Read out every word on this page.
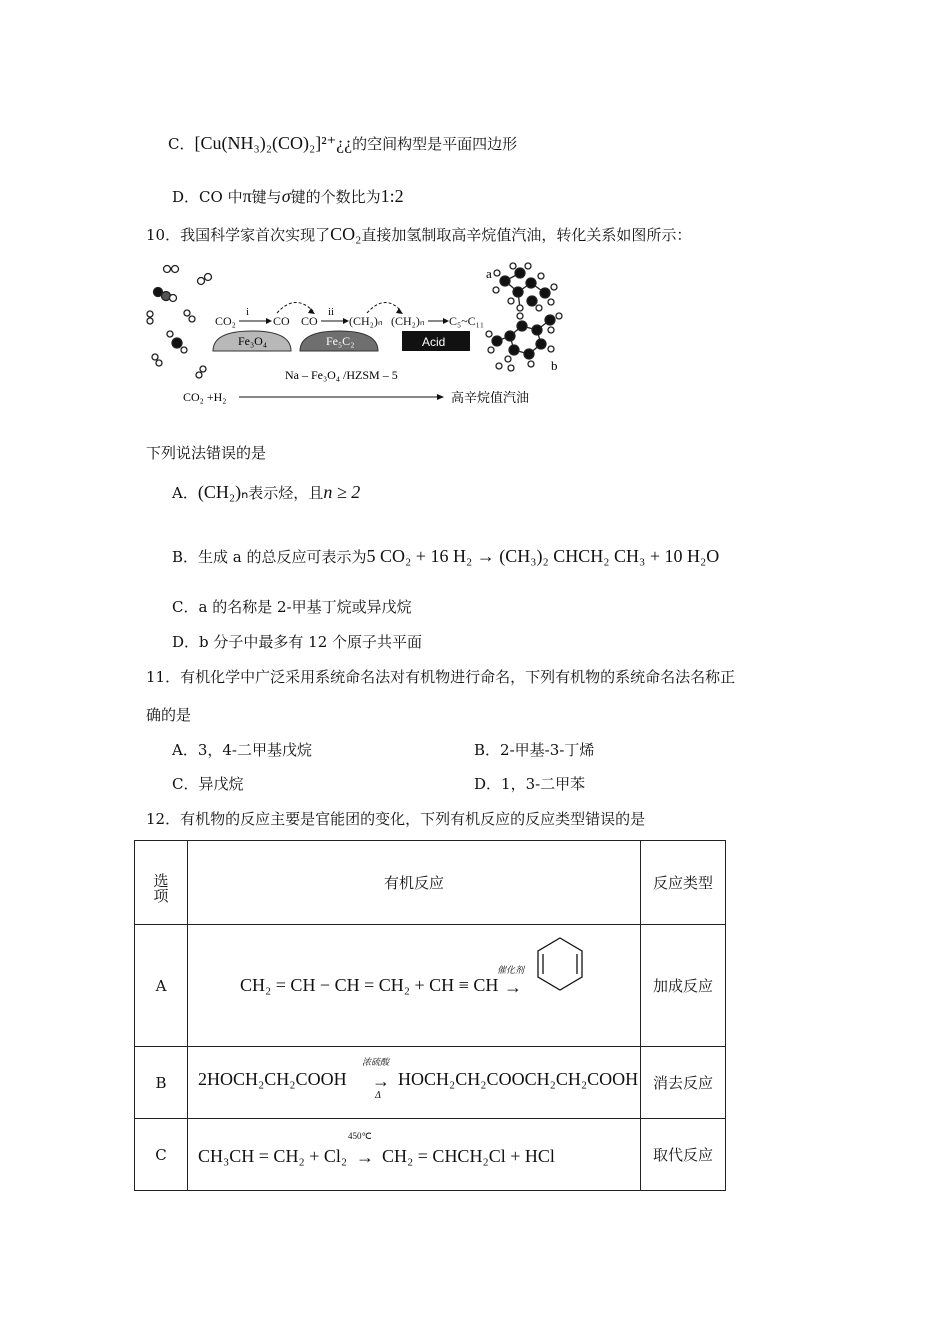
C．[Cu(NH₃)₂(CO)₂]²⁺¿¿的空间构型是平面四边形
D．CO 中π键与σ键的个数比为1:2
10．我国科学家首次实现了CO₂直接加氢制取高辛烷值汽油，转化关系如图所示：
a
b
i	ii
CO₂	CO CO	(CH₂)ₙ (CH₂)ₙ C₅~C₁₁
Fe₃O₄	Fe₅C₂	Acid
Na – Fe₃O₄ /HZSM – 5
CO₂ +H₂	高辛烷值汽油
下列说法错误的是
A．(CH₂)ₙ表示烃，且n ≥ 2
B．生成 a 的总反应可表示为5 CO₂ + 16 H₂ → (CH₃)₂ CHCH₂ CH₃ + 10 H₂O
C．a 的名称是 2-甲基丁烷或异戊烷
D．b 分子中最多有 12 个原子共平面
11．有机化学中广泛采用系统命名法对有机物进行命名，下列有机物的系统命名法名称正
确的是
A．3，4-二甲基戊烷	B．2-甲基-3-丁烯
C．异戊烷	D．1，3-二甲苯
12．有机物的反应主要是官能团的变化，下列有机反应的反应类型错误的是
选
项	有机反应	反应类型
A	CH₂ = CH − CH = CH₂ + CH ≡ CH
催化剂
→	加成反应
B	2HOCH₂CH₂COOH
浓硫酸
→
Δ
HOCH₂CH₂COOCH₂CH₂COOH	消去反应
C	CH₃CH = CH₂ + Cl₂
450℃
→ CH₂ = CHCH₂Cl + HCl	取代反应
